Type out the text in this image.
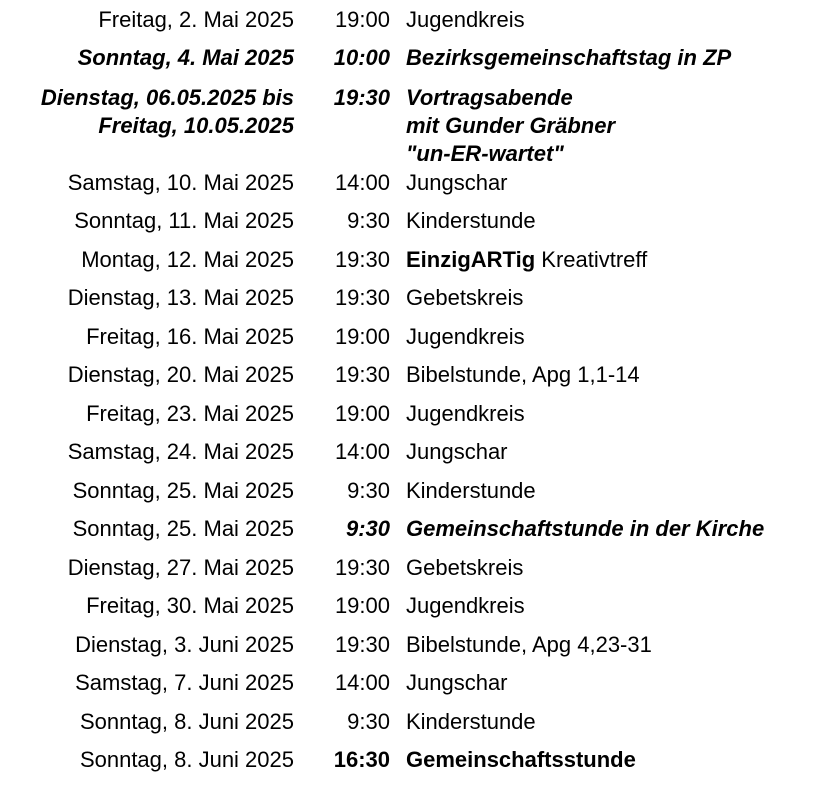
Freitag, 2. Mai 2025 19:00 Jugendkreis
Sonntag, 4. Mai 2025 10:00 Bezirksgemeinschaftstag in ZP
Dienstag, 06.05.2025 bis
Freitag, 10.05.2025
19:30 Vortragsabende
mit Gunder Gräbner
"un-ER-wartet"
Samstag, 10. Mai 2025 14:00 Jungschar
Sonntag, 11. Mai 2025 9:30 Kinderstunde
Montag, 12. Mai 2025 19:30 EinzigARTig Kreativtreff
Dienstag, 13. Mai 2025 19:30 Gebetskreis
Freitag, 16. Mai 2025 19:00 Jugendkreis
Dienstag, 20. Mai 2025 19:30 Bibelstunde, Apg 1,1-14
Freitag, 23. Mai 2025 19:00 Jugendkreis
Samstag, 24. Mai 2025 14:00 Jungschar
Sonntag, 25. Mai 2025 9:30 Kinderstunde
Sonntag, 25. Mai 2025 9:30 Gemeinschaftstunde in der Kirche
Dienstag, 27. Mai 2025 19:30 Gebetskreis
Freitag, 30. Mai 2025 19:00 Jugendkreis
Dienstag, 3. Juni 2025 19:30 Bibelstunde, Apg 4,23-31
Samstag, 7. Juni 2025 14:00 Jungschar
Sonntag, 8. Juni 2025 9:30 Kinderstunde
Sonntag, 8. Juni 2025 16:30 Gemeinschaftsstunde
